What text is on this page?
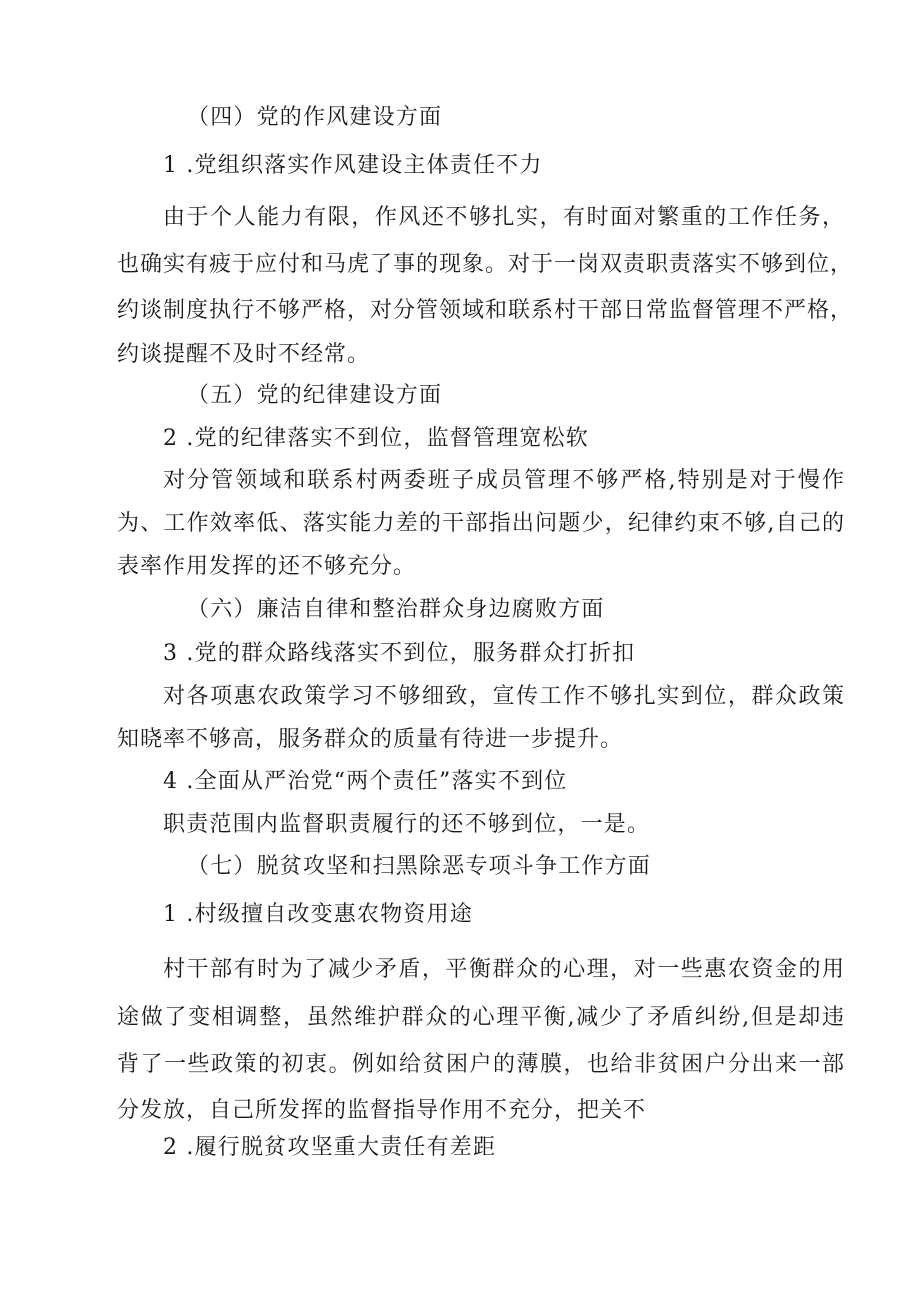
（四）党的作风建设方面
1 .党组织落实作风建设主体责任不力
由于个人能力有限，作风还不够扎实，有时面对繁重的工作任务，
也确实有疲于应付和马虎了事的现象。对于一岗双责职责落实不够到位，
约谈制度执行不够严格，对分管领域和联系村干部日常监督管理不严格，
约谈提醒不及时不经常。
（五）党的纪律建设方面
2 .党的纪律落实不到位，监督管理宽松软
对分管领域和联系村两委班子成员管理不够严格,特别是对于慢作
为、工作效率低、落实能力差的干部指出问题少，纪律约束不够,自己的
表率作用发挥的还不够充分。
（六）廉洁自律和整治群众身边腐败方面
3 .党的群众路线落实不到位，服务群众打折扣
对各项惠农政策学习不够细致，宣传工作不够扎实到位，群众政策
知晓率不够高，服务群众的质量有待进一步提升。
4 .全面从严治党“两个责任”落实不到位
职责范围内监督职责履行的还不够到位，一是。
（七）脱贫攻坚和扫黑除恶专项斗争工作方面
1 .村级擅自改变惠农物资用途
村干部有时为了减少矛盾，平衡群众的心理，对一些惠农资金的用
途做了变相调整，虽然维护群众的心理平衡,减少了矛盾纠纷,但是却违
背了一些政策的初衷。例如给贫困户的薄膜，也给非贫困户分出来一部
分发放，自己所发挥的监督指导作用不充分，把关不
2 .履行脱贫攻坚重大责任有差距
